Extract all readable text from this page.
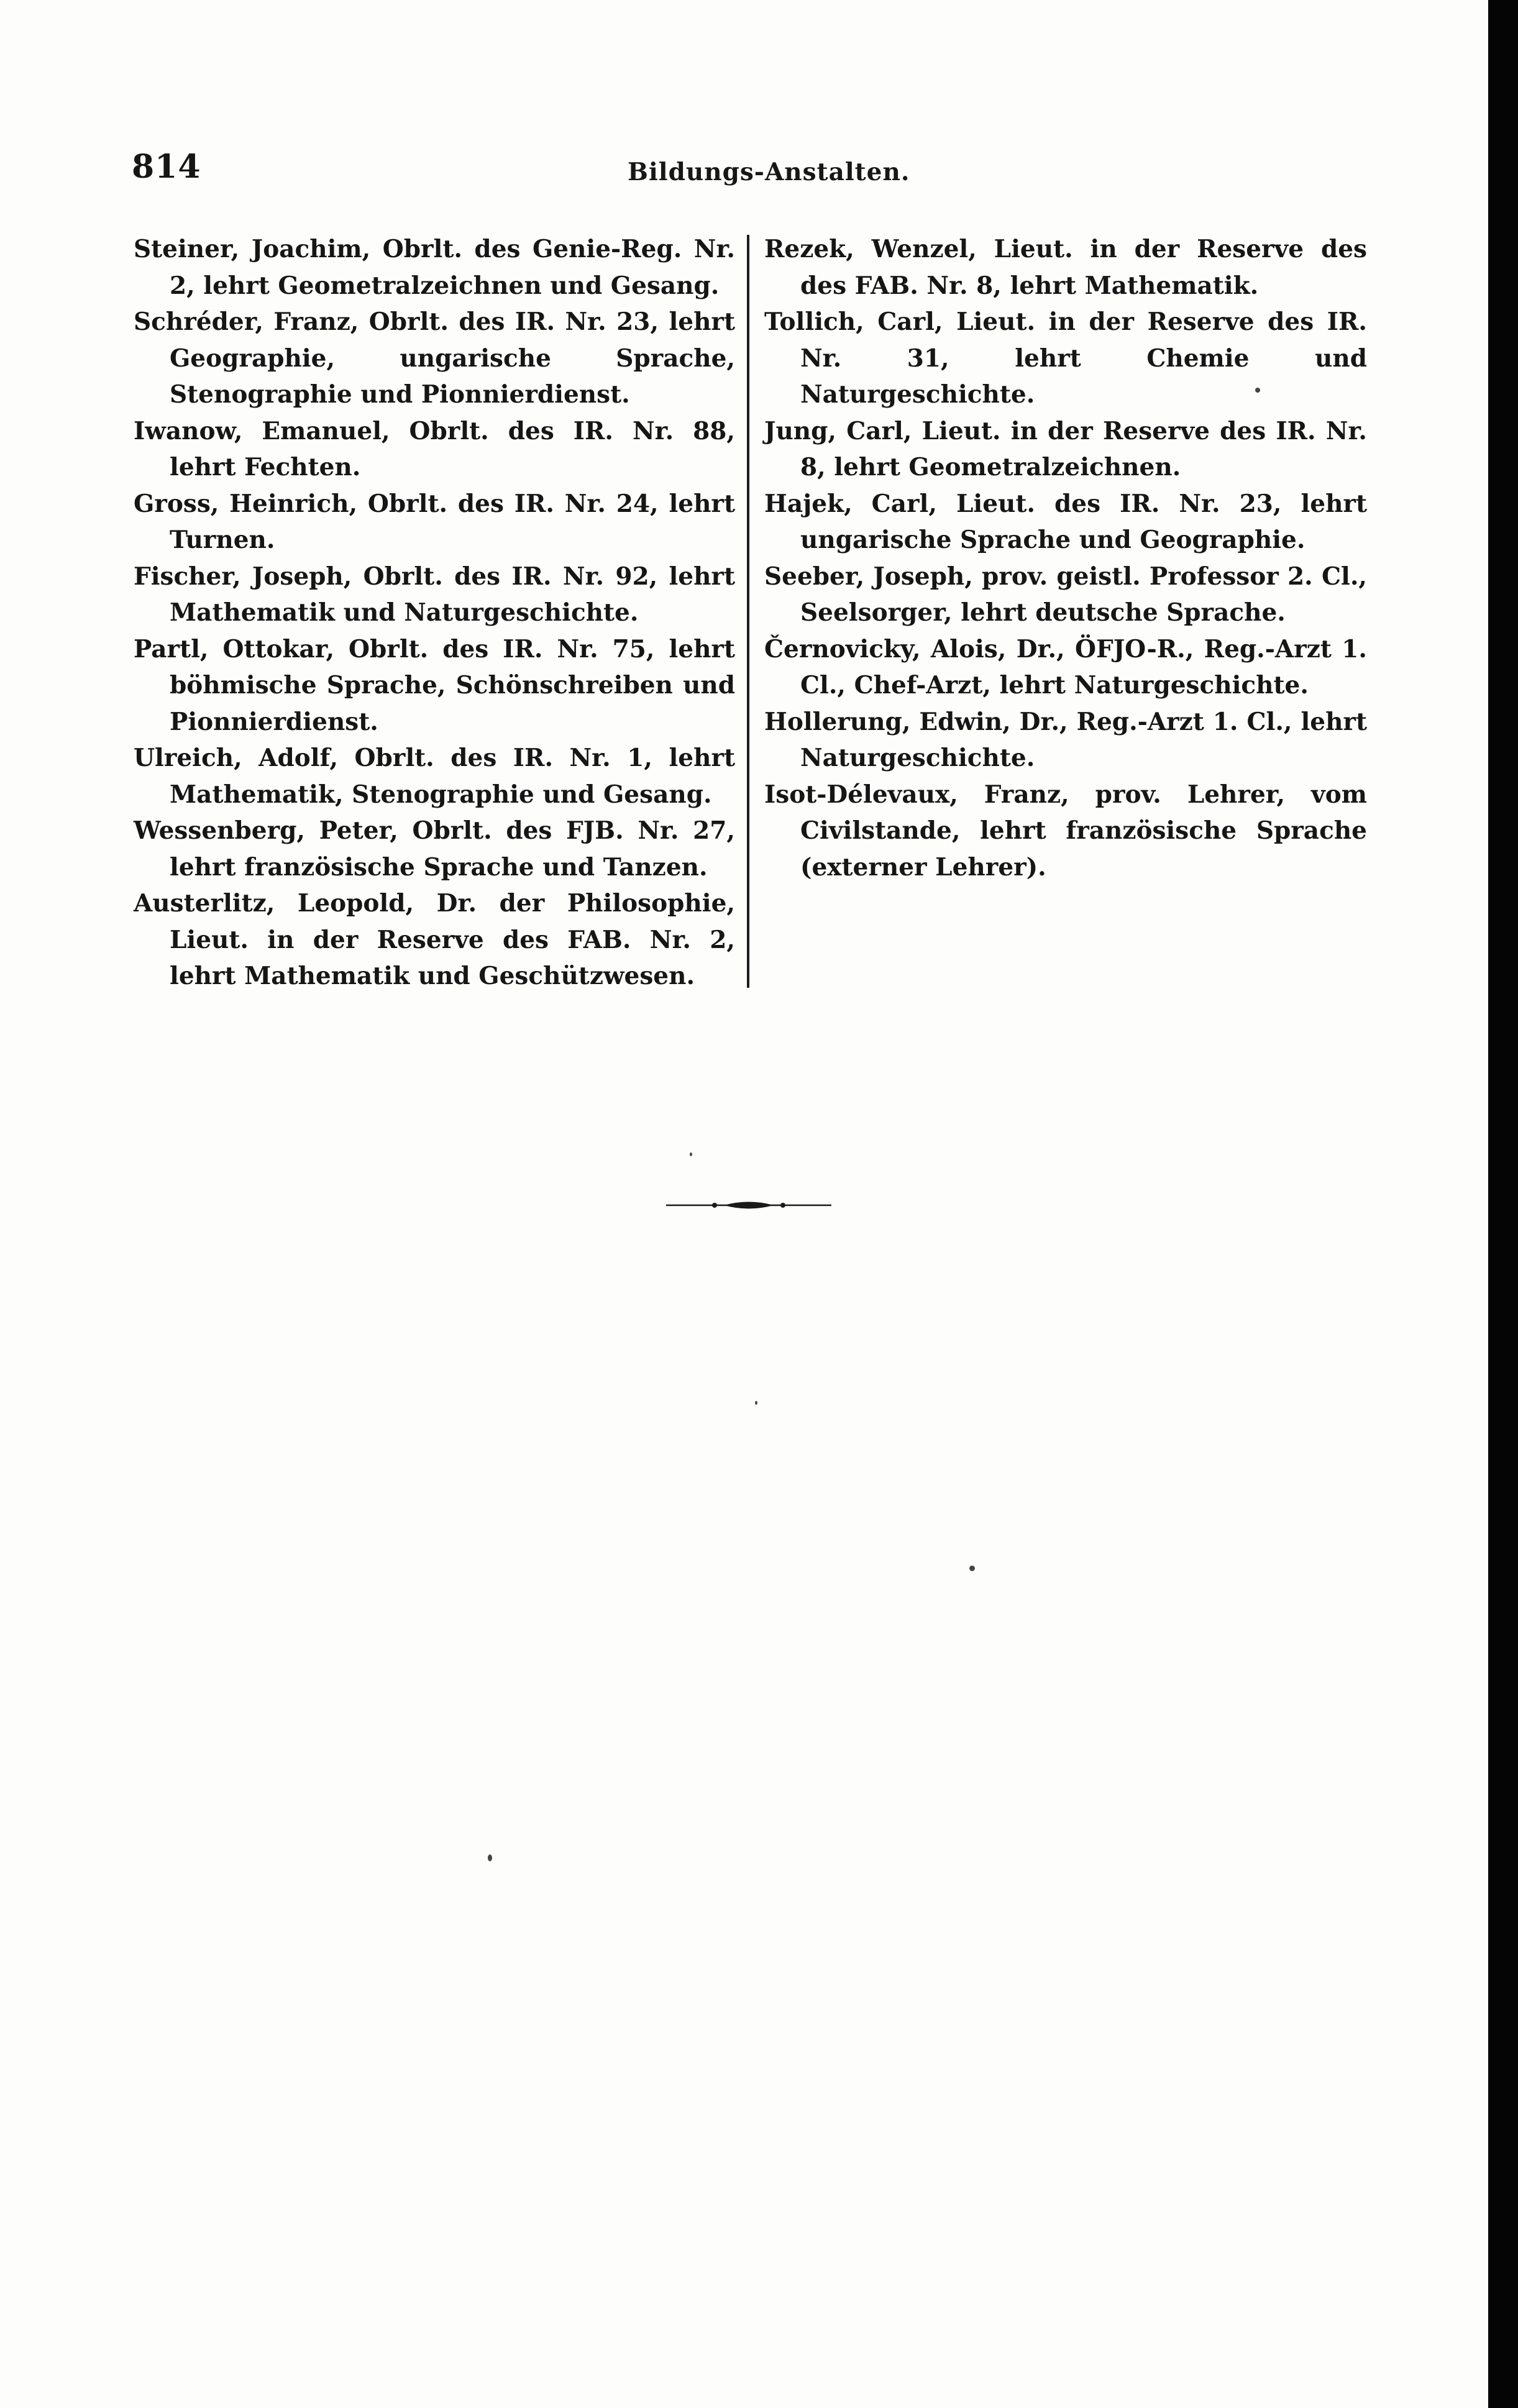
814	Bildungs-Anstalten.

Steiner, Joachim, Obrlt. des Genie-Reg. Nr. 2, lehrt Geometralzeichnen und Gesang.

Schréder, Franz, Obrlt. des IR. Nr. 23, lehrt Geographie, ungarische Sprache, Stenographie und Pionnierdienst.

Iwanow, Emanuel, Obrlt. des IR. Nr. 88, lehrt Fechten.

Gross, Heinrich, Obrlt. des IR. Nr. 24, lehrt Turnen.

Fischer, Joseph, Obrlt. des IR. Nr. 92, lehrt Mathematik und Naturgeschichte.

Partl, Ottokar, Obrlt. des IR. Nr. 75, lehrt böhmische Sprache, Schönschreiben und Pionnierdienst.

Ulreich, Adolf, Obrlt. des IR. Nr. 1, lehrt Mathematik, Stenographie und Gesang.

Wessenberg, Peter, Obrlt. des FJB. Nr. 27, lehrt französische Sprache und Tanzen.

Austerlitz, Leopold, Dr. der Philosophie, Lieut. in der Reserve des FAB. Nr. 2, lehrt Mathematik und Geschützwesen.

Rezek, Wenzel, Lieut. in der Reserve des des FAB. Nr. 8, lehrt Mathematik.

Tollich, Carl, Lieut. in der Reserve des IR. Nr. 31, lehrt Chemie und Naturgeschichte.

Jung, Carl, Lieut. in der Reserve des IR. Nr. 8, lehrt Geometralzeichnen.

Hajek, Carl, Lieut. des IR. Nr. 23, lehrt ungarische Sprache und Geographie.

Seeber, Joseph, prov. geistl. Professor 2. Cl., Seelsorger, lehrt deutsche Sprache.

Černovicky, Alois, Dr., ÖFJO-R., Reg.-Arzt 1. Cl., Chef-Arzt, lehrt Naturgeschichte.

Hollerung, Edwin, Dr., Reg.-Arzt 1. Cl., lehrt Naturgeschichte.

Isot-Délevaux, Franz, prov. Lehrer, vom Civilstande, lehrt französische Sprache (externer Lehrer).
